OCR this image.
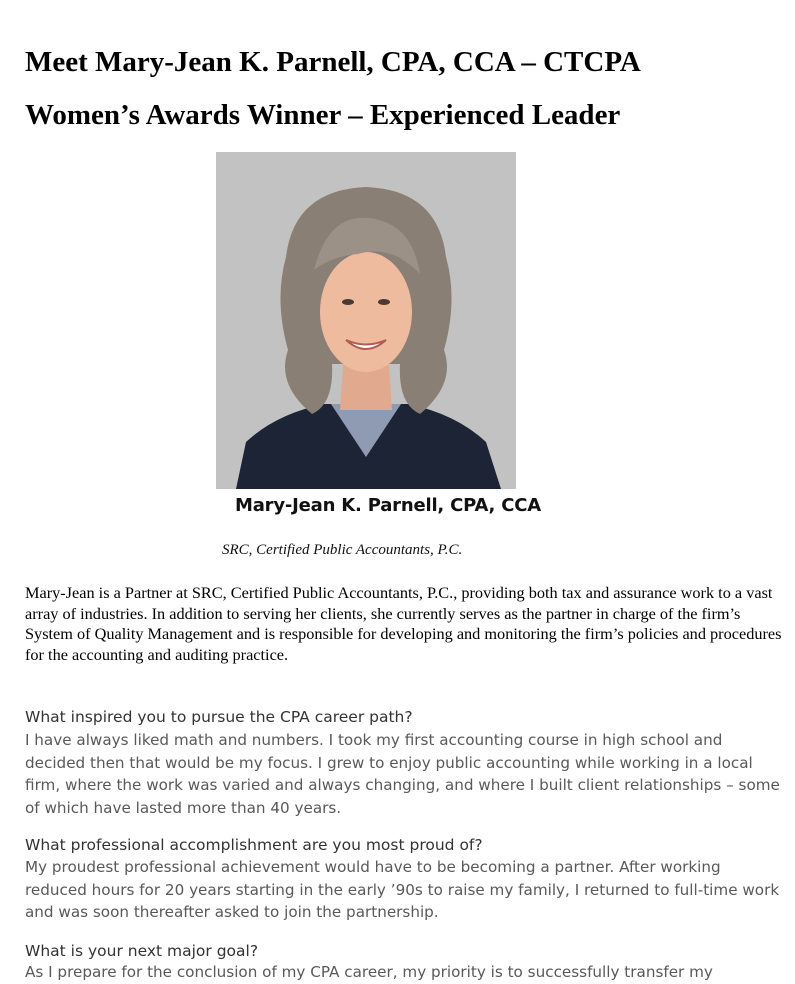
Meet Mary-Jean K. Parnell, CPA, CCA – CTCPA
Women’s Awards Winner – Experienced Leader
Mary-Jean K. Parnell, CPA, CCA
SRC, Certified Public Accountants, P.C.

Mary-Jean is a Partner at SRC, Certified Public Accountants, P.C., providing both tax and assurance work to a vast array of industries. In addition to serving her clients, she currently serves as the partner in charge of the firm’s System of Quality Management and is responsible for developing and monitoring the firm’s policies and procedures for the accounting and auditing practice.

What inspired you to pursue the CPA career path?

I have always liked math and numbers. I took my first accounting course in high school and decided then that would be my focus. I grew to enjoy public accounting while working in a local firm, where the work was varied and always changing, and where I built client relationships – some of which have lasted more than 40 years.

What professional accomplishment are you most proud of?

My proudest professional achievement would have to be becoming a partner. After working reduced hours for 20 years starting in the early ’90s to raise my family, I returned to full-time work and was soon thereafter asked to join the partnership.

What is your next major goal?

As I prepare for the conclusion of my CPA career, my priority is to successfully transfer my
